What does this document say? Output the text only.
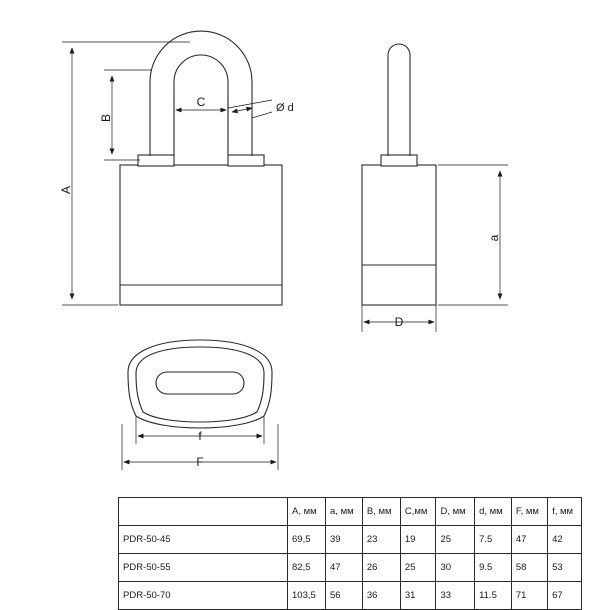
A
B
C	Ø d
a
D
f
F
	A, мм	a, мм	B, мм	C,мм	D, мм	d, мм	F, мм	f, мм
PDR-50-45	69,5	39	23	19	25	7.5	47	42
PDR-50-55	82,5	47	26	25	30	9.5	58	53
PDR-50-70	103,5	56	36	31	33	11.5	71	67
